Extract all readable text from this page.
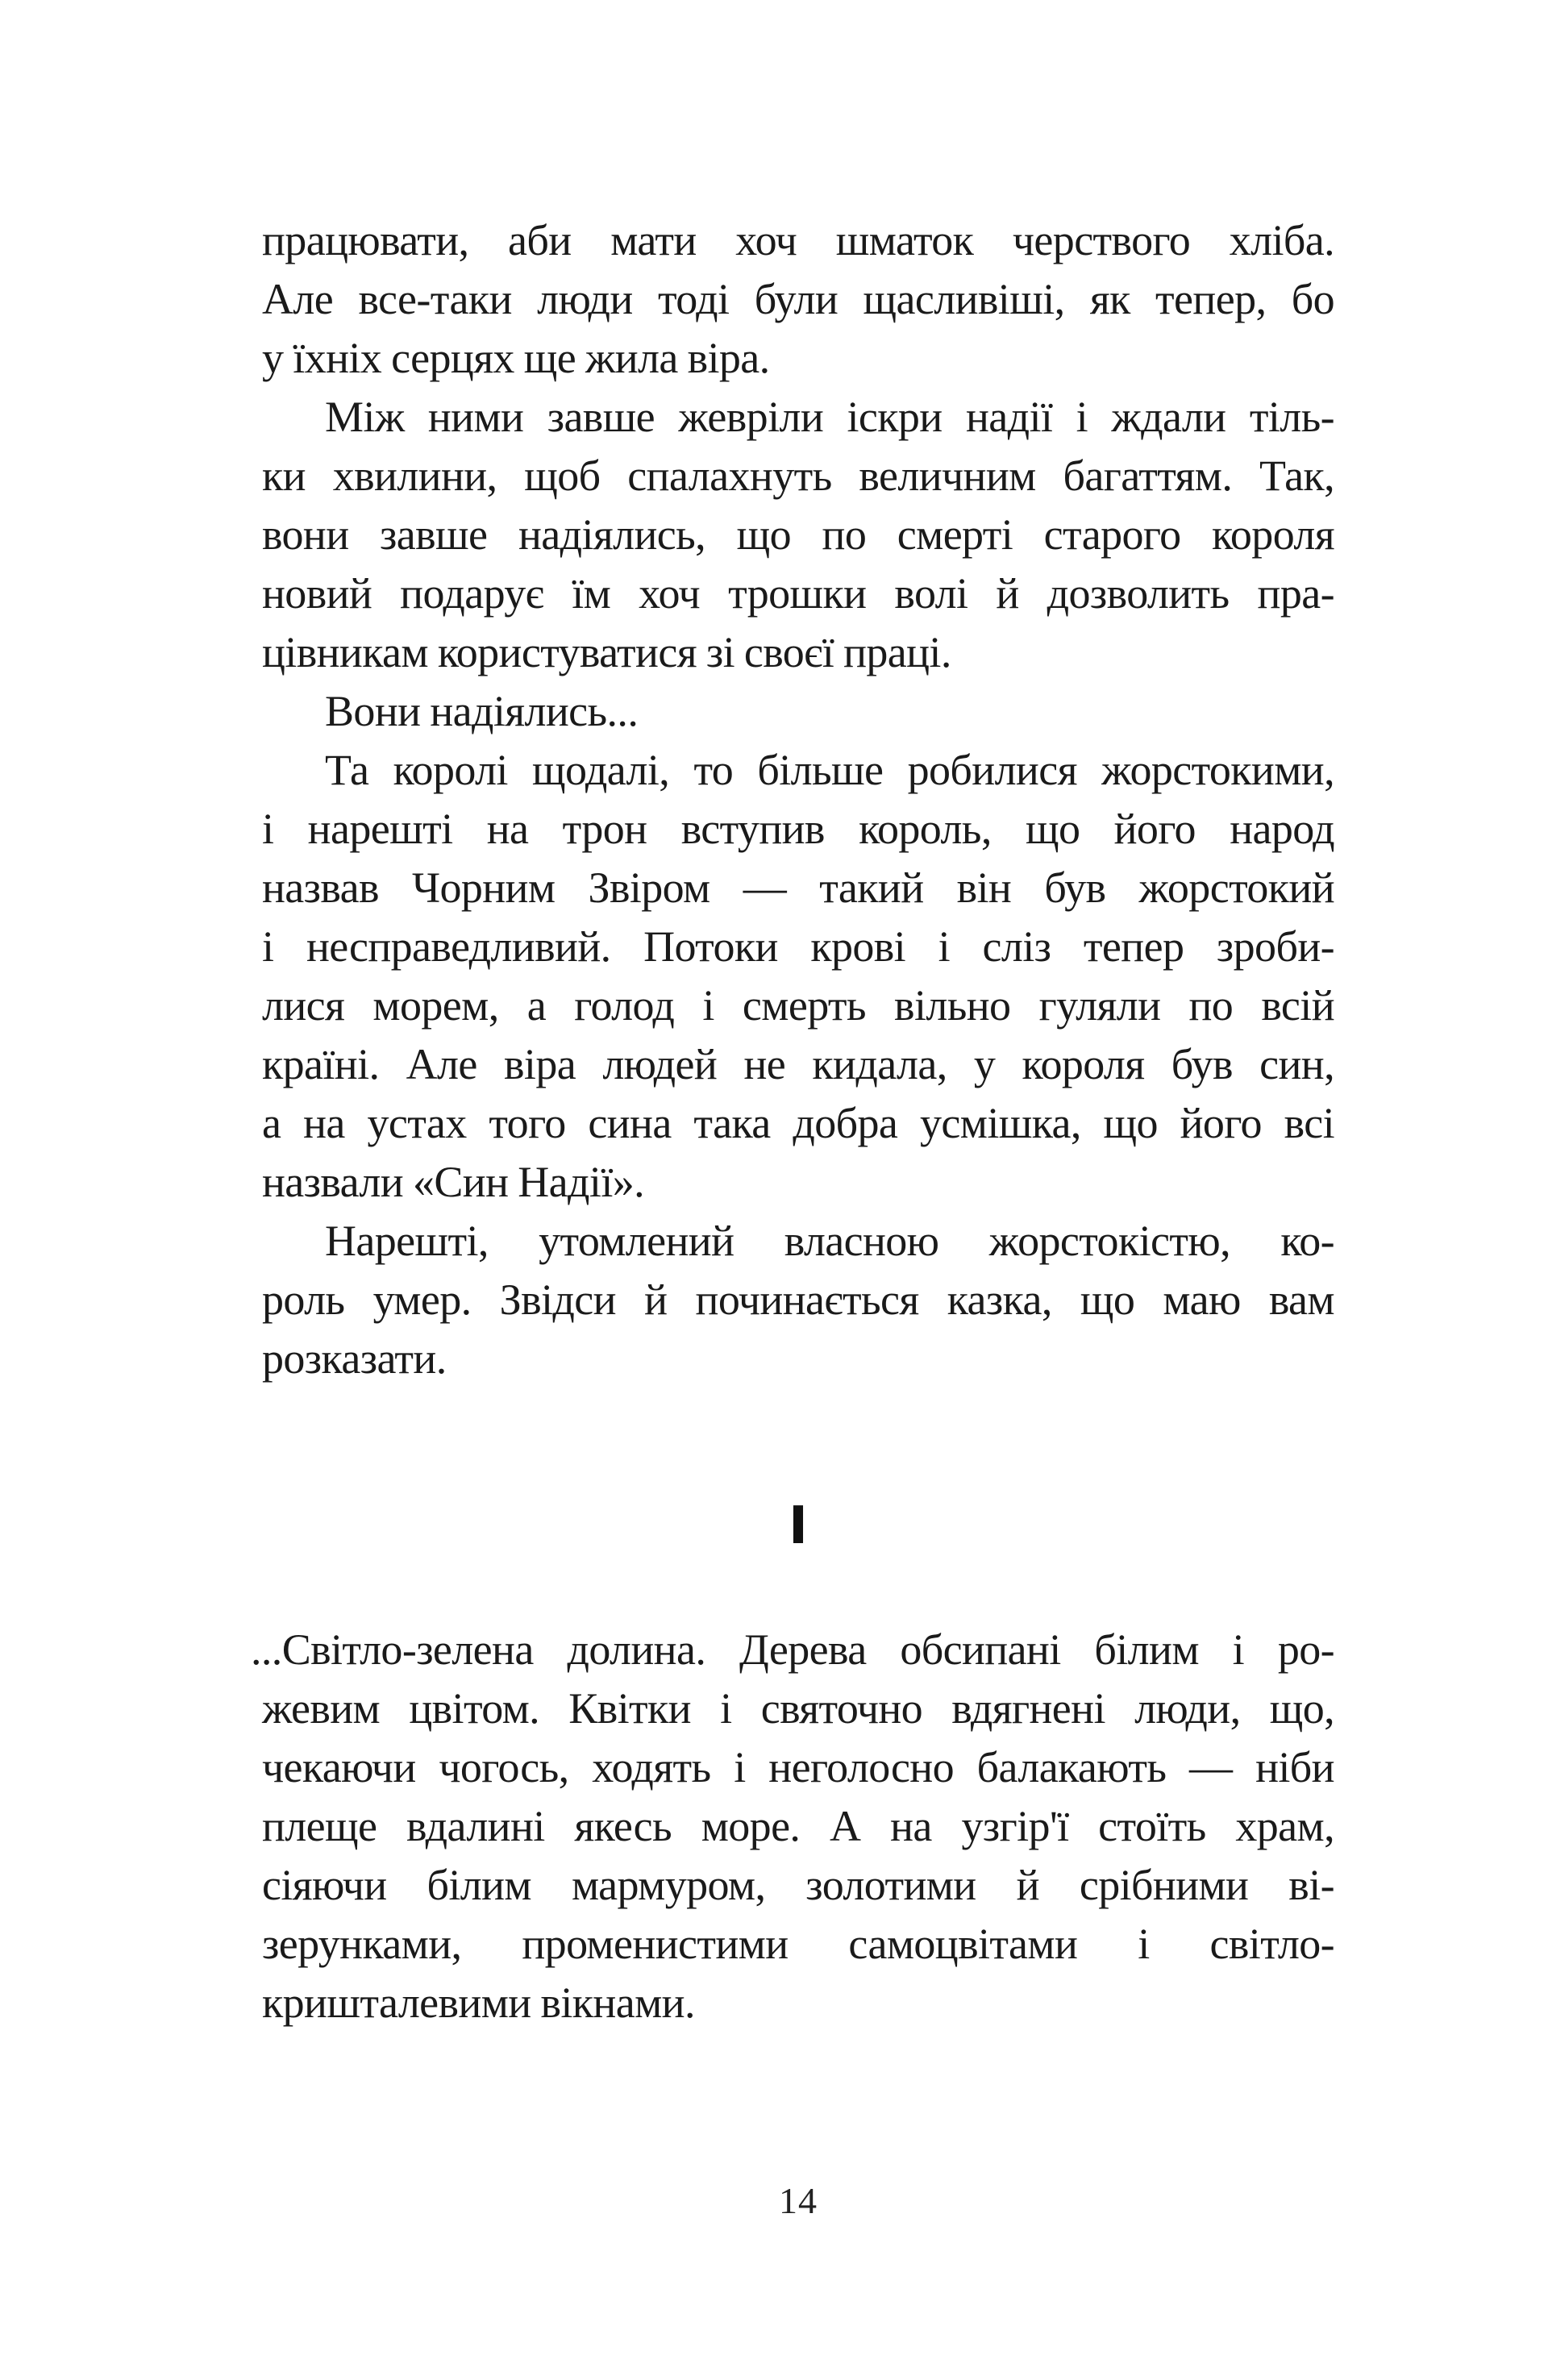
працювати, аби мати хоч шматок черствого хліба.
Але все-таки люди тоді були щасливіші, як тепер, бо
у їхніх серцях ще жила віра.
Між ними завше жевріли іскри надії і ждали тіль-
ки хвилини, щоб спалахнуть величним багаттям. Так,
вони завше надіялись, що по смерті старого короля
новий подарує їм хоч трошки волі й дозволить пра-
цівникам користуватися зі своєї праці.
Вони надіялись...
Та королі щодалі, то більше робилися жорстокими,
і нарешті на трон вступив король, що його народ
назвав Чорним Звіром — такий він був жорстокий
і несправедливий. Потоки крові і сліз тепер зроби-
лися морем, а голод і смерть вільно гуляли по всій
країні. Але віра людей не кидала, у короля був син,
а на устах того сина така добра усмішка, що його всі
назвали «Син Надії».
Нарешті, утомлений власною жорстокістю, ко-
роль умер. Звідси й починається казка, що маю вам
розказати.
I
...Світло-зелена долина. Дерева обсипані білим і ро-
жевим цвітом. Квітки і святочно вдягнені люди, що,
чекаючи чогось, ходять і неголосно балакають — ніби
плеще вдалині якесь море. А на узгір'ї стоїть храм,
сіяючи білим мармуром, золотими й срібними ві-
зерунками, променистими самоцвітами і світло-
кришталевими вікнами.
14
